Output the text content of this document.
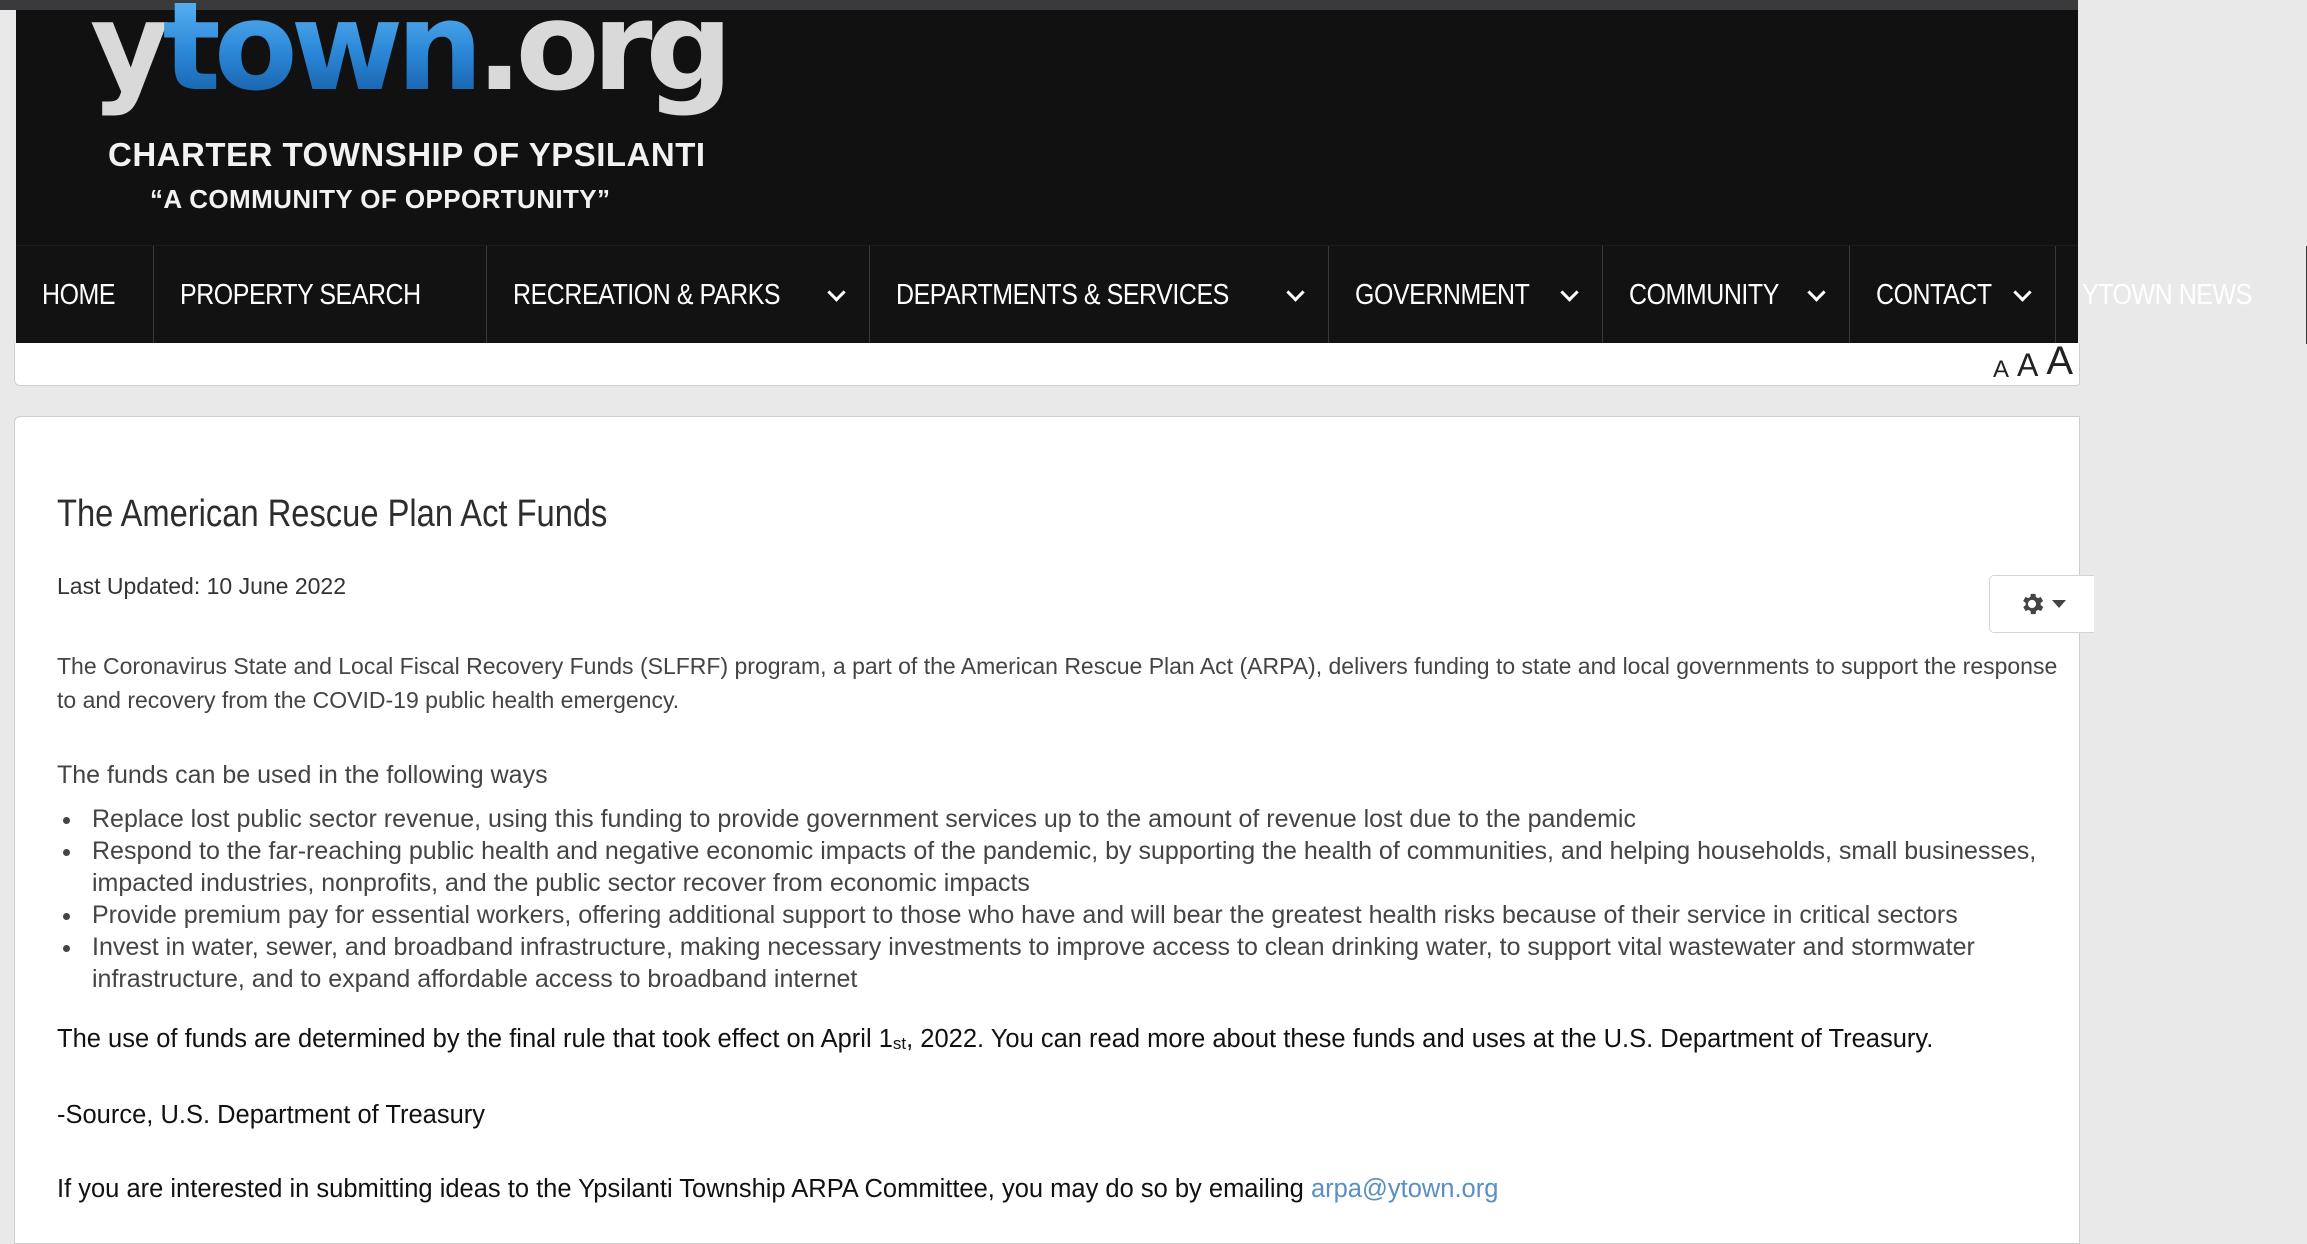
ytown.org
CHARTER TOWNSHIP OF YPSILANTI
“A COMMUNITY OF OPPORTUNITY”
HOME PROPERTY SEARCH	RECREATION & PARKS	DEPARTMENTS & SERVICES	GOVERNMENT	COMMUNITY	CONTACT	YTOWN NEWS
A A A
The American Rescue Plan Act Funds
Last Updated: 10 June 2022

The Coronavirus State and Local Fiscal Recovery Funds (SLFRF) program, a part of the American Rescue Plan Act (ARPA), delivers funding to state and local governments to support the response to and recovery from the COVID-19 public health emergency.

The funds can be used in the following ways
• Replace lost public sector revenue, using this funding to provide government services up to the amount of revenue lost due to the pandemic
• Respond to the far-reaching public health and negative economic impacts of the pandemic, by supporting the health of communities, and helping households, small businesses, impacted industries, nonprofits, and the public sector recover from economic impacts
• Provide premium pay for essential workers, offering additional support to those who have and will bear the greatest health risks because of their service in critical sectors
• Invest in water, sewer, and broadband infrastructure, making necessary investments to improve access to clean drinking water, to support vital wastewater and stormwater infrastructure, and to expand affordable access to broadband internet

The use of funds are determined by the final rule that took effect on April 1st, 2022. You can read more about these funds and uses at the U.S. Department of Treasury.

-Source, U.S. Department of Treasury

If you are interested in submitting ideas to the Ypsilanti Township ARPA Committee, you may do so by emailing arpa@ytown.org
